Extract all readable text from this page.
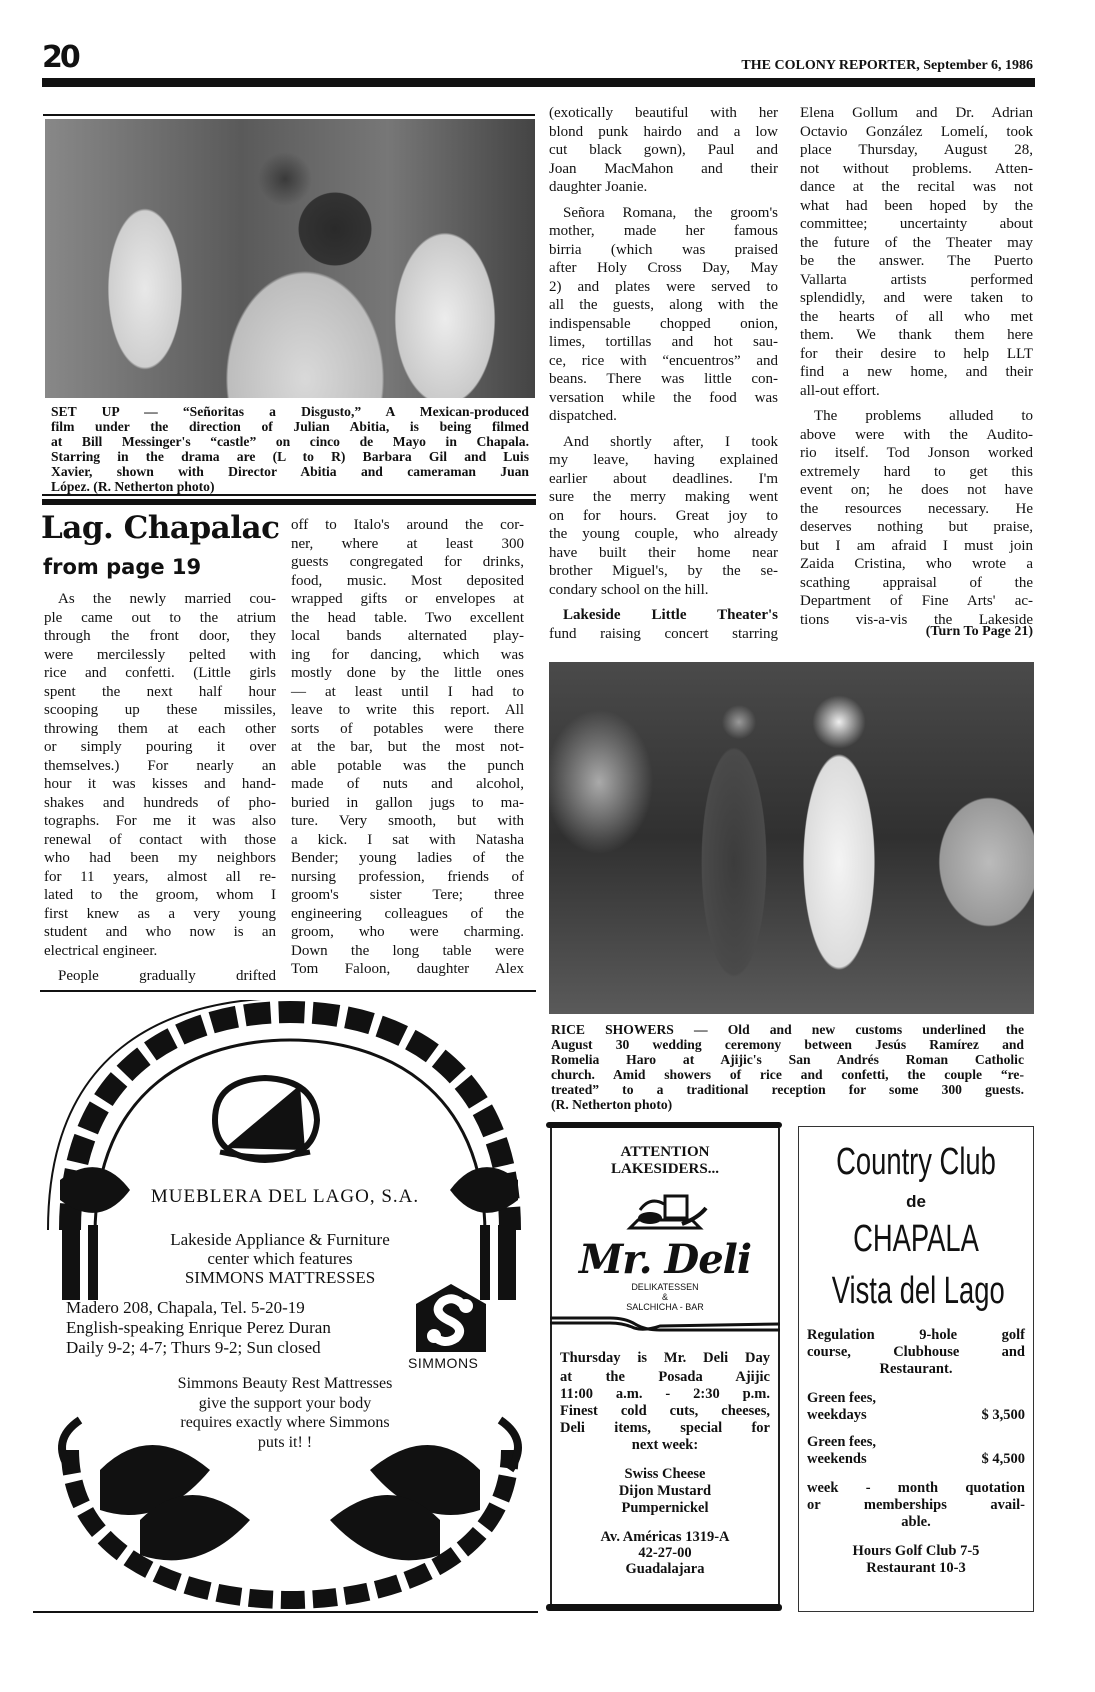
20	THE COLONY REPORTER, September 6, 1986
SET UP — “Señoritas a Disgusto,” A Mexican-produced
film under the direction of Julian Abitia, is being filmed
at Bill Messinger's “castle” on cinco de Mayo in Chapala.
Starring in the drama are (L to R) Barbara Gil and Luis
Xavier, shown with Director Abitia and cameraman Juan
López. (R. Netherton photo)
Lag. Chapalac
from page 19
As the newly married cou-
ple came out to the atrium
through the front door, they
were mercilessly pelted with
rice and confetti. (Little girls
spent the next half hour
scooping up these missiles,
throwing them at each other
or simply pouring it over
themselves.) For nearly an
hour it was kisses and hand-
shakes and hundreds of pho-
tographs. For me it was also
renewal of contact with those
who had been my neighbors
for 11 years, almost all re-
lated to the groom, whom I
first knew as a very young
student and who now is an
electrical engineer.
People gradually drifted
off to Italo's around the cor-
ner, where at least 300
guests congregated for drinks,
food, music. Most deposited
wrapped gifts or envelopes at
the head table. Two excellent
local bands alternated play-
ing for dancing, which was
mostly done by the little ones
— at least until I had to
leave to write this report. All
sorts of potables were there
at the bar, but the most not-
able potable was the punch
made of nuts and alcohol,
buried in gallon jugs to ma-
ture. Very smooth, but with
a kick. I sat with Natasha
Bender; young ladies of the
nursing profession, friends of
groom's sister Tere; three
engineering colleagues of the
groom, who were charming.
Down the long table were
Tom Faloon, daughter Alex
(exotically beautiful with her
blond punk hairdo and a low
cut black gown), Paul and
Joan MacMahon and their
daughter Joanie.
Señora Romana, the groom's
mother, made her famous
birria (which was praised
after Holy Cross Day, May
2) and plates were served to
all the guests, along with the
indispensable chopped onion,
limes, tortillas and hot sau-
ce, rice with “encuentros” and
beans. There was little con-
versation while the food was
dispatched.
And shortly after, I took
my leave, having explained
earlier about deadlines. I'm
sure the merry making went
on for hours. Great joy to
the young couple, who already
have built their home near
brother Miguel's, by the se-
condary school on the hill.
Lakeside Little Theater's
fund raising concert starring
Elena Gollum and Dr. Adrian
Octavio González Lomelí, took
place Thursday, August 28,
not without problems. Atten-
dance at the recital was not
what had been hoped by the
committee; uncertainty about
the future of the Theater may
be the answer. The Puerto
Vallarta artists performed
splendidly, and were taken to
the hearts of all who met
them. We thank them here
for their desire to help LLT
find a new home, and their
all-out effort.
The problems alluded to
above were with the Audito-
rio itself. Tod Jonson worked
extremely hard to get this
event on; he does not have
the resources necessary. He
deserves nothing but praise,
but I am afraid I must join
Zaida Cristina, who wrote a
scathing appraisal of the
Department of Fine Arts' ac-
tions vis-a-vis the Lakeside
(Turn To Page 21)
RICE SHOWERS — Old and new customs underlined the
August 30 wedding ceremony between Jesús Ramírez and
Romelia Haro at Ajijic's San Andrés Roman Catholic
church. Amid showers of rice and confetti, the couple “re-
treated” to a traditional reception for some 300 guests.
(R. Netherton photo)
MUEBLERA DEL LAGO, S.A.
Lakeside Appliance & Furniture
center which features
SIMMONS MATTRESSES
Madero 208, Chapala, Tel. 5-20-19
English-speaking Enrique Perez Duran
Daily 9-2; 4-7; Thurs 9-2; Sun closed
SIMMONS
Simmons Beauty Rest Mattresses
give the support your body
requires exactly where Simmons
puts it! !
ATTENTION
LAKESIDERS...
Mr. Deli
DELIKATESSEN
&
SALCHICHA - BAR
Thursday is Mr. Deli Day
at the Posada Ajijic
11:00 a.m. - 2:30 p.m.
Finest cold cuts, cheeses,
Deli items, special for
next week:
Swiss Cheese
Dijon Mustard
Pumpernickel
Av. Américas 1319-A
42-27-00
Guadalajara
Country Club
de
CHAPALA
Vista del Lago
Regulation 9-hole golf
course, Clubhouse and
Restaurant.
Green fees,
weekdays	$ 3,500
Green fees,
weekends	$ 4,500
week - month quotation
or memberships avail-
able.
Hours Golf Club 7-5
Restaurant 10-3
